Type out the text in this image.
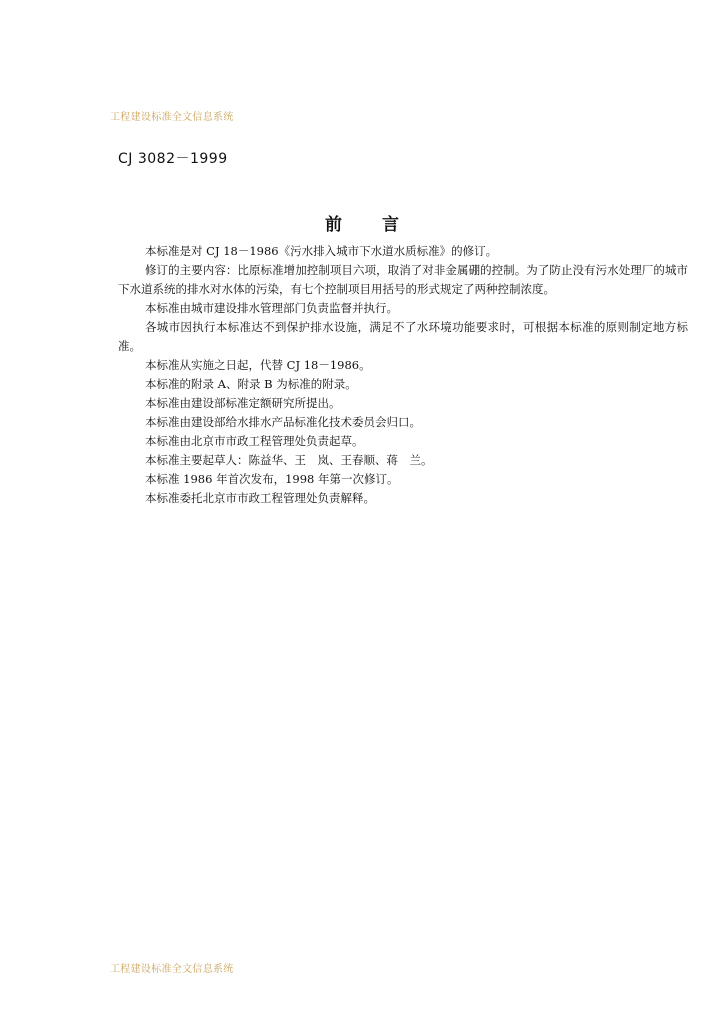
工程建设标准全文信息系统
CJ 3082－1999
前言

本标准是对 CJ 18－1986《污水排入城市下水道水质标准》的修订。

修订的主要内容：比原标准增加控制项目六项，取消了对非金属硼的控制。为了防止没有污水处理厂的城市下水道系统的排水对水体的污染，有七个控制项目用括号的形式规定了两种控制浓度。

本标准由城市建设排水管理部门负责监督并执行。

各城市因执行本标准达不到保护排水设施，满足不了水环境功能要求时，可根据本标准的原则制定地方标准。

本标准从实施之日起，代替 CJ 18－1986。

本标准的附录 A、附录 B 为标准的附录。

本标准由建设部标准定额研究所提出。

本标准由建设部给水排水产品标准化技术委员会归口。

本标准由北京市市政工程管理处负责起草。

本标准主要起草人：陈益华、王　岚、王春顺、蒋　兰。

本标准 1986 年首次发布，1998 年第一次修订。

本标准委托北京市市政工程管理处负责解释。

工程建设标准全文信息系统
